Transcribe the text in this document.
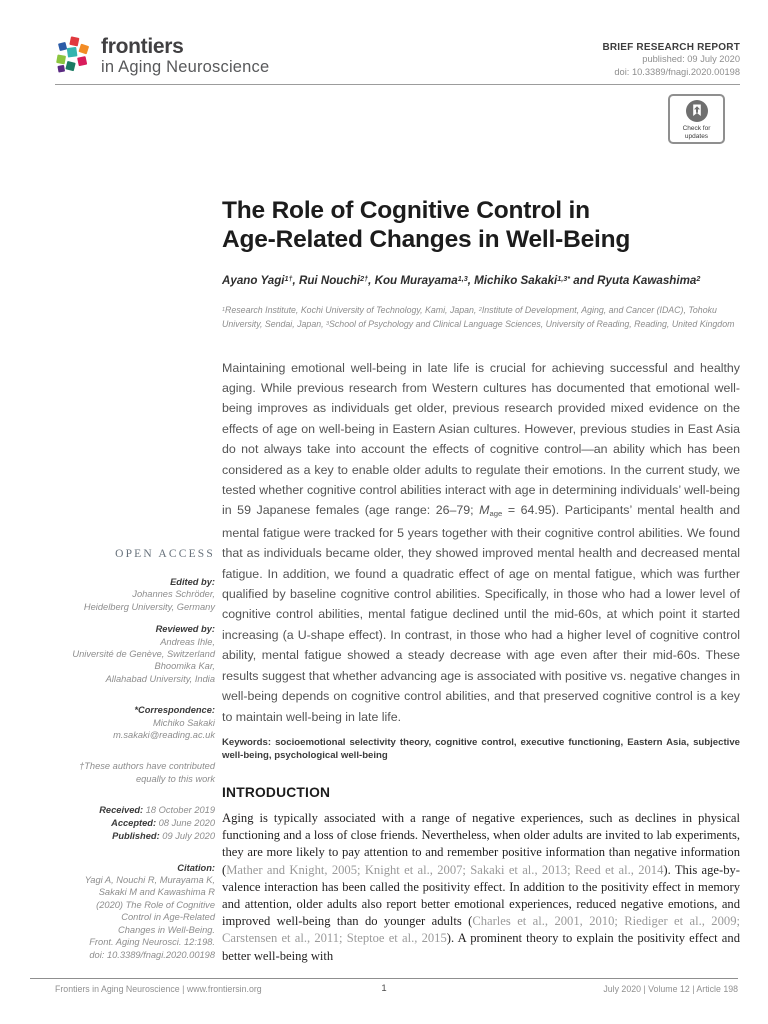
frontiers
in Aging Neuroscience
BRIEF RESEARCH REPORT
published: 09 July 2020
doi: 10.3389/fnagi.2020.00198
Check for updates
OPEN ACCESS
Edited by:
Johannes Schröder,
Heidelberg University, Germany
Reviewed by:
Andreas Ihle,
Université de Genève, Switzerland
Bhoomika Kar,
Allahabad University, India
*Correspondence:
Michiko Sakaki
m.sakaki@reading.ac.uk
†These authors have contributed
equally to this work
Received: 18 October 2019
Accepted: 08 June 2020
Published: 09 July 2020
Citation:
Yagi A, Nouchi R, Murayama K,
Sakaki M and Kawashima R
(2020) The Role of Cognitive
Control in Age-Related
Changes in Well-Being.
Front. Aging Neurosci. 12:198.
doi: 10.3389/fnagi.2020.00198
The Role of Cognitive Control in
Age-Related Changes in Well-Being

Ayano Yagi$^{1\dagger}$, Rui Nouchi$^{2\dagger}$, Kou Murayama$^{1,3}$, Michiko Sakaki$^{1,3*}$ and Ryuta Kawashima$^2$

$^1$Research Institute, Kochi University of Technology, Kami, Japan, $^2$Institute of Development, Aging, and Cancer (IDAC), Tohoku University, Sendai, Japan, $^3$School of Psychology and Clinical Language Sciences, University of Reading, Reading, United Kingdom

Maintaining emotional well-being in late life is crucial for achieving successful and healthy aging. While previous research from Western cultures has documented that emotional well-being improves as individuals get older, previous research provided mixed evidence on the effects of age on well-being in Eastern Asian cultures. However, previous studies in East Asia do not always take into account the effects of cognitive control—an ability which has been considered as a key to enable older adults to regulate their emotions. In the current study, we tested whether cognitive control abilities interact with age in determining individuals’ well-being in 59 Japanese females (age range: 26–79; Mage = 64.95). Participants’ mental health and mental fatigue were tracked for 5 years together with their cognitive control abilities. We found that as individuals became older, they showed improved mental health and decreased mental fatigue. In addition, we found a quadratic effect of age on mental fatigue, which was further qualified by baseline cognitive control abilities. Specifically, in those who had a lower level of cognitive control abilities, mental fatigue declined until the mid-60s, at which point it started increasing (a U-shape effect). In contrast, in those who had a higher level of cognitive control ability, mental fatigue showed a steady decrease with age even after their mid-60s. These results suggest that whether advancing age is associated with positive vs. negative changes in well-being depends on cognitive control abilities, and that preserved cognitive control is a key to maintain well-being in late life.

Keywords: socioemotional selectivity theory, cognitive control, executive functioning, Eastern Asia, subjective well-being, psychological well-being

INTRODUCTION

Aging is typically associated with a range of negative experiences, such as declines in physical functioning and a loss of close friends. Nevertheless, when older adults are invited to lab experiments, they are more likely to pay attention to and remember positive information than negative information (Mather and Knight, 2005; Knight et al., 2007; Sakaki et al., 2013; Reed et al., 2014). This age-by-valence interaction has been called the positivity effect. In addition to the positivity effect in memory and attention, older adults also report better emotional experiences, reduced negative emotions, and improved well-being than do younger adults (Charles et al., 2001, 2010; Riediger et al., 2009; Carstensen et al., 2011; Steptoe et al., 2015). A prominent theory to explain the positivity effect and better well-being with

Frontiers in Aging Neuroscience | www.frontiersin.org	1	July 2020 | Volume 12 | Article 198
